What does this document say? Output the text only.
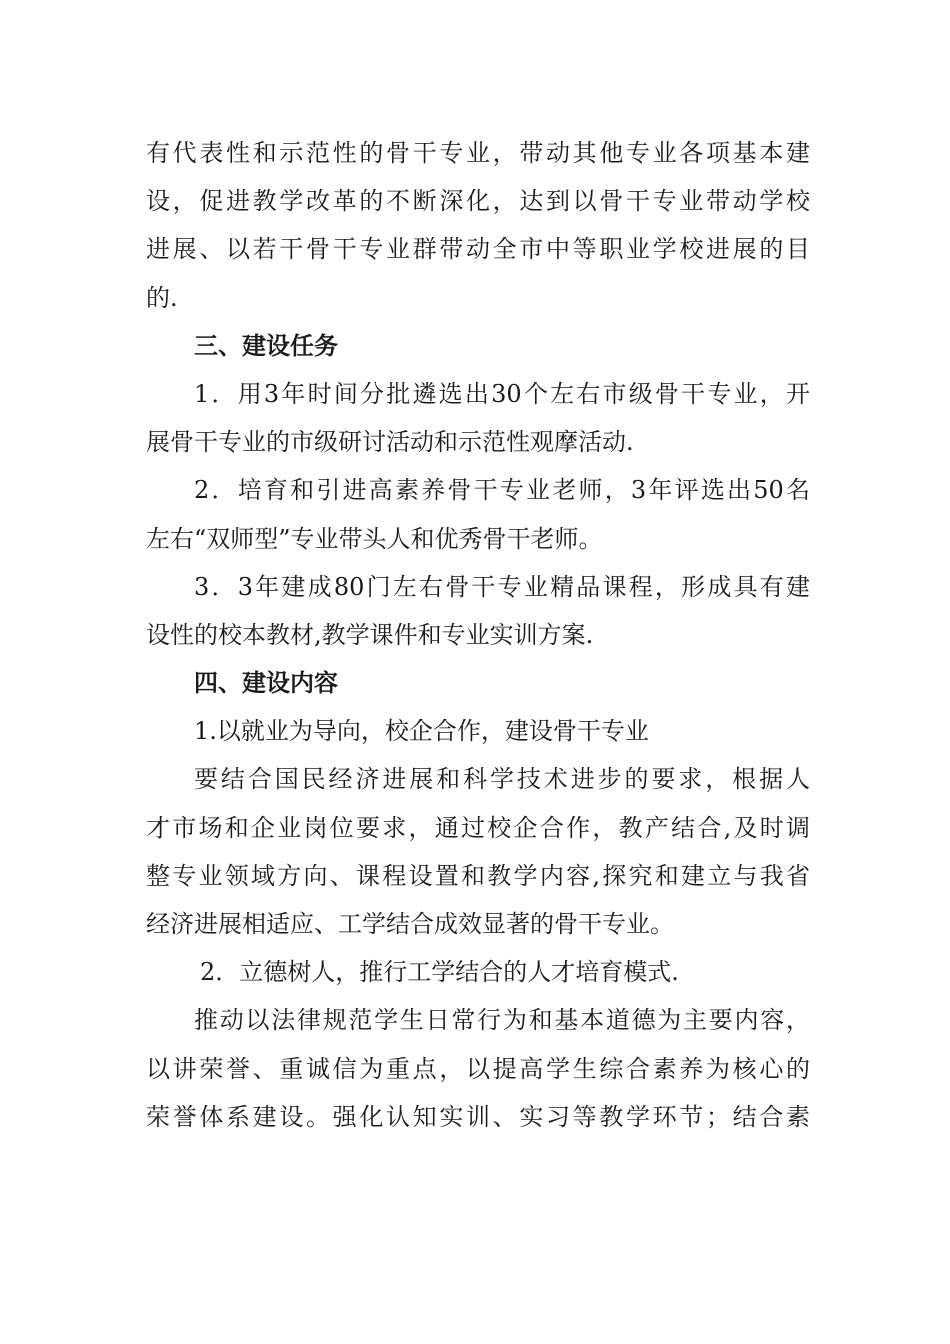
有代表性和示范性的骨干专业，带动其他专业各项基本建
设，促进教学改革的不断深化，达到以骨干专业带动学校
进展、以若干骨干专业群带动全市中等职业学校进展的目
的.
三、建设任务
1．用3年时间分批遴选出30个左右市级骨干专业，开
展骨干专业的市级研讨活动和示范性观摩活动.
2．培育和引进高素养骨干专业老师，3年评选出50名
左右“双师型”专业带头人和优秀骨干老师。
3．3年建成80门左右骨干专业精品课程，形成具有建
设性的校本教材,教学课件和专业实训方案.
四、建设内容
1.以就业为导向，校企合作，建设骨干专业
要结合国民经济进展和科学技术进步的要求，根据人
才市场和企业岗位要求，通过校企合作，教产结合,及时调
整专业领域方向、课程设置和教学内容,探究和建立与我省
经济进展相适应、工学结合成效显著的骨干专业。
2．立德树人，推行工学结合的人才培育模式.
推动以法律规范学生日常行为和基本道德为主要内容，
以讲荣誉、重诚信为重点，以提高学生综合素养为核心的
荣誉体系建设。强化认知实训、实习等教学环节；结合素
